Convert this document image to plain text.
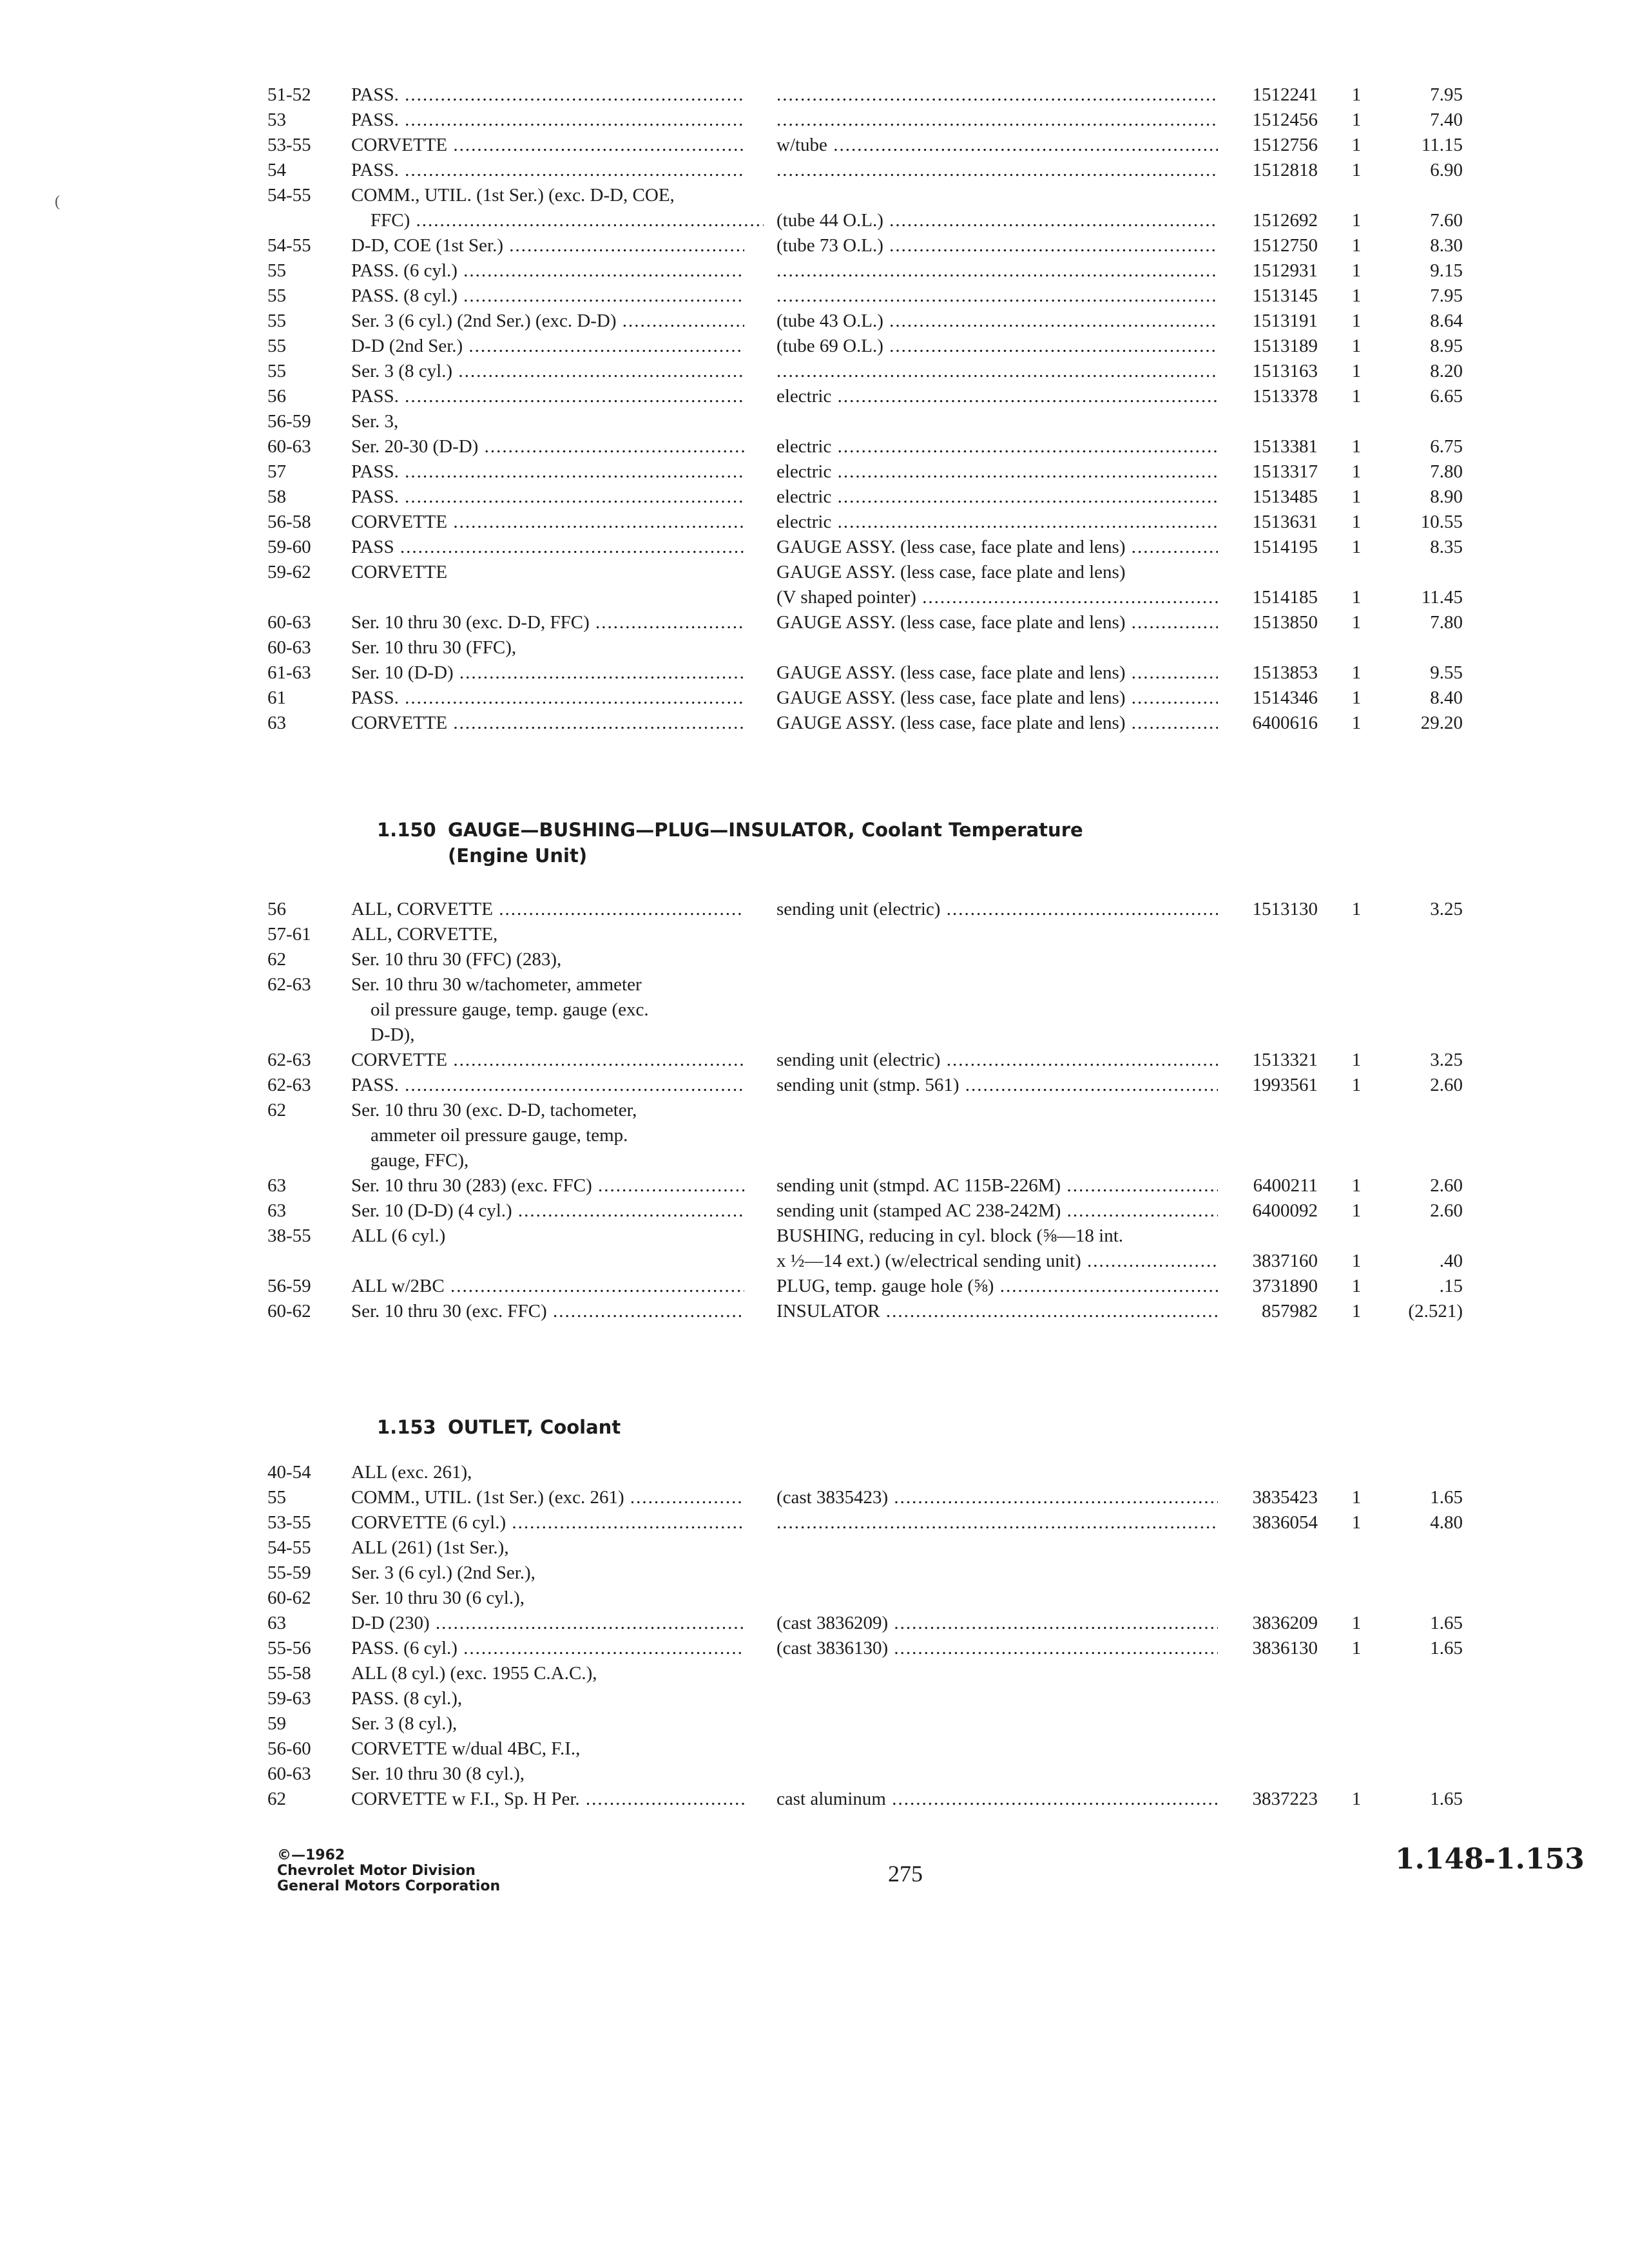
(
51-52 PASS. ..... .....	1512241 1	7.95
53	PASS. ..... .....	1512456 1	7.40
53-55 CORVETTE .....	w/tube .....	1512756 1	11.15
54	PASS. ..... .....	1512818 1	6.90
54-55 COMM., UTIL. (1st Ser.) (exc. D-D, COE,
FFC) .....	(tube 44 O.L.) .....	1512692 1	7.60
54-55 D-D, COE (1st Ser.) .....	(tube 73 O.L.) .....	1512750 1	8.30
55	PASS. (6 cyl.) ..... .....	1512931 1	9.15
55	PASS. (8 cyl.) ..... .....	1513145 1	7.95
55	Ser. 3 (6 cyl.) (2nd Ser.) (exc. D-D) .....	(tube 43 O.L.) .....	1513191 1	8.64
55	D-D (2nd Ser.) .....	(tube 69 O.L.) .....	1513189 1	8.95
55	Ser. 3 (8 cyl.) ..... .....	1513163 1	8.20
56	PASS. .....	electric .....	1513378 1	6.65
56-59 Ser. 3,
60-63 Ser. 20-30 (D-D) .....	electric .....	1513381 1	6.75
57	PASS. .....	electric .....	1513317 1	7.80
58	PASS. .....	electric .....	1513485 1	8.90
56-58 CORVETTE .....	electric .....	1513631 1	10.55
59-60 PASS .....	GAUGE ASSY. (less case, face plate and lens) .....	1514195 1	8.35
59-62 CORVETTE	GAUGE ASSY. (less case, face plate and lens)
(V shaped pointer) .....	1514185 1	11.45
60-63 Ser. 10 thru 30 (exc. D-D, FFC) .....	GAUGE ASSY. (less case, face plate and lens) .....	1513850 1	7.80
60-63 Ser. 10 thru 30 (FFC),
61-63 Ser. 10 (D-D) .....	GAUGE ASSY. (less case, face plate and lens) .....	1513853 1	9.55
61	PASS. .....	GAUGE ASSY. (less case, face plate and lens) .....	1514346 1	8.40
63	CORVETTE .....	GAUGE ASSY. (less case, face plate and lens) .....	6400616 1	29.20
1.150 GAUGE—BUSHING—PLUG—INSULATOR, Coolant Temperature
(Engine Unit)
56	ALL, CORVETTE .....	sending unit (electric) .....	1513130 1	3.25
57-61 ALL, CORVETTE,
62	Ser. 10 thru 30 (FFC) (283),
62-63 Ser. 10 thru 30 w/tachometer, ammeter
oil pressure gauge, temp. gauge (exc.
D-D),
62-63 CORVETTE .....	sending unit (electric) .....	1513321 1	3.25
62-63 PASS. .....	sending unit (stmp. 561) .....	1993561 1	2.60
62	Ser. 10 thru 30 (exc. D-D, tachometer,
ammeter oil pressure gauge, temp.
gauge, FFC),
63	Ser. 10 thru 30 (283) (exc. FFC) .....	sending unit (stmpd. AC 115B-226M) .....	6400211 1	2.60
63	Ser. 10 (D-D) (4 cyl.) .....	sending unit (stamped AC 238-242M) .....	6400092 1	2.60
38-55 ALL (6 cyl.)	BUSHING, reducing in cyl. block (⅝—18 int.
x ½—14 ext.) (w/electrical sending unit) .....	3837160 1	.40
56-59 ALL w/2BC .....	PLUG, temp. gauge hole (⅝) .....	3731890 1	.15
60-62 Ser. 10 thru 30 (exc. FFC) .....	INSULATOR .....	857982 1	(2.521)
1.153 OUTLET, Coolant
40-54 ALL (exc. 261),
55	COMM., UTIL. (1st Ser.) (exc. 261) .....	(cast 3835423) .....	3835423 1	1.65
53-55 CORVETTE (6 cyl.) ..... .....	3836054 1	4.80
54-55 ALL (261) (1st Ser.),
55-59 Ser. 3 (6 cyl.) (2nd Ser.),
60-62 Ser. 10 thru 30 (6 cyl.),
63	D-D (230) .....	(cast 3836209) .....	3836209 1	1.65
55-56 PASS. (6 cyl.) .....	(cast 3836130) .....	3836130 1	1.65
55-58 ALL (8 cyl.) (exc. 1955 C.A.C.),
59-63 PASS. (8 cyl.),
59	Ser. 3 (8 cyl.),
56-60 CORVETTE w/dual 4BC, F.I.,
60-63 Ser. 10 thru 30 (8 cyl.),
62	CORVETTE w F.I., Sp. H Per. .....	cast aluminum .....	3837223 1	1.65
©—1962
Chevrolet Motor Division
General Motors Corporation	275	1.148-1.153
